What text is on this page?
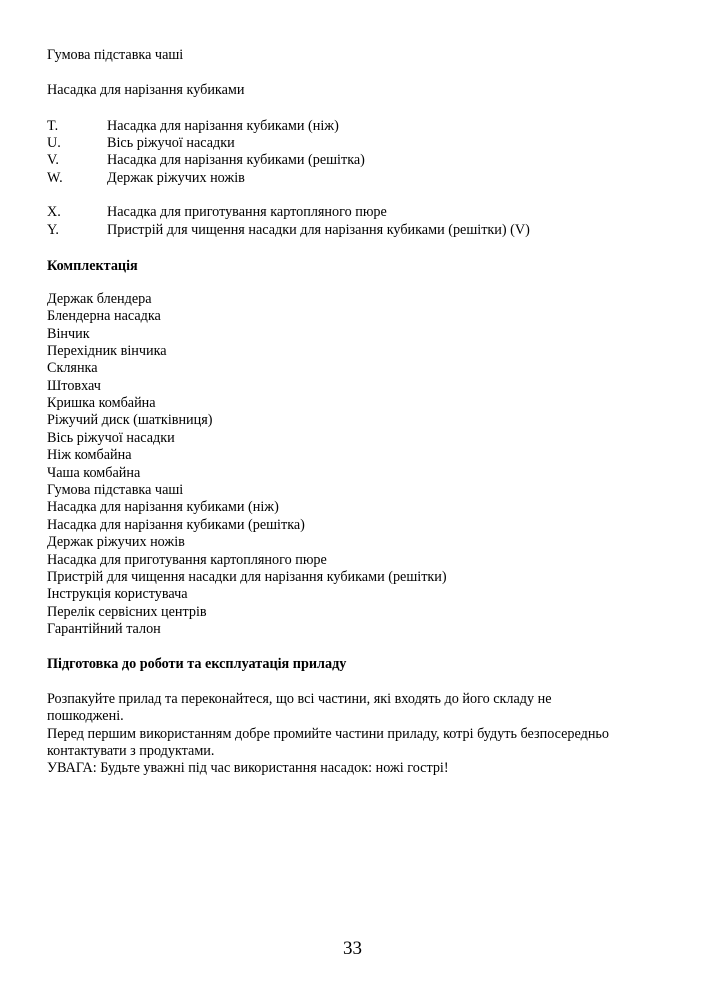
Гумова підставка чаші
Насадка для нарізання кубиками
T.	Насадка для нарізання кубиками (ніж)
U.	Вісь ріжучої насадки
V.	Насадка для нарізання кубиками (решітка)
W.	Держак ріжучих ножів
X.	Насадка для приготування картопляного пюре
Y.	Пристрій для чищення насадки для нарізання кубиками (решітки) (V)
Комплектація
Держак блендера
Блендерна насадка
Вінчик
Перехідник вінчика
Склянка
Штовхач
Кришка комбайна
Ріжучий диск (шатківниця)
Вісь ріжучої насадки
Ніж комбайна
Чаша комбайна
Гумова підставка чаші
Насадка для нарізання кубиками (ніж)
Насадка для нарізання кубиками (решітка)
Держак ріжучих ножів
Насадка для приготування картопляного пюре
Пристрій для чищення насадки для нарізання кубиками (решітки)
Інструкція користувача
Перелік сервісних центрів
Гарантійний талон
Підготовка до роботи та експлуатація приладу
Розпакуйте прилад та переконайтеся, що всі частини, які входять до його складу не
пошкоджені.
Перед першим використанням добре промийте частини приладу, котрі будуть безпосередньо
контактувати з продуктами.
УВАГА: Будьте уважні під час використання насадок: ножі гострі!
33
